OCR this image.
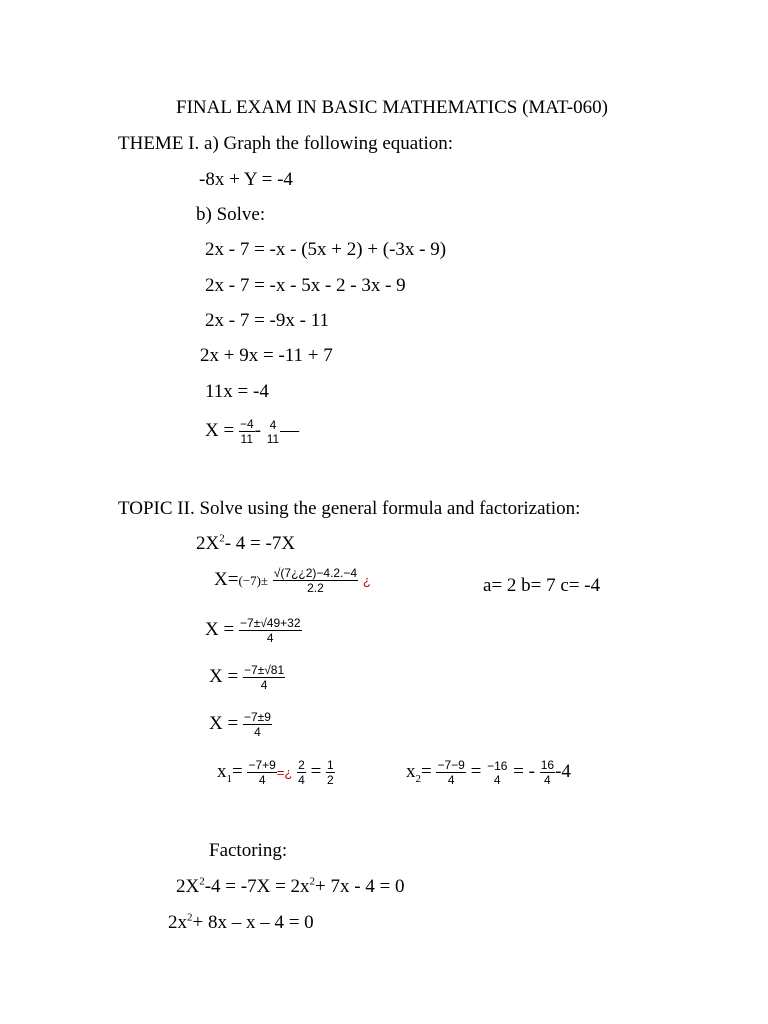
FINAL EXAM IN BASIC MATHEMATICS (MAT-060)
THEME I. a) Graph the following equation:
-8x + Y = -4
b) Solve:
2x - 7 = -x - (5x + 2) + (-3x - 9)
2x - 7 = -x - 5x - 2 - 3x - 9
2x - 7 = -9x - 11
2x + 9x = -11 + 7
11x = -4
$X = \frac{-4}{11} - 4$
11 —
TOPIC II. Solve using the general formula and factorization:
$2X^2-$ 4 = -7X
$X=(-7)\pm \frac{√(7¿¿2)-4.2.-4}{2.2}$ ¿	a= 2 b= 7 c= -4
$X = \frac{-7\pm√49+32}{4}$
$X = \frac{-7\pm√81}{4}$
$X = \frac{-7\pm 9}{4}$
$x_1= \frac{-7+9}{4}$ =¿ $\frac{2}{4} = \frac{1}{2}$	$x_2= \frac{-7-9}{4} = -16$
4 = - $\frac{16}{4} -4$
Factoring:
$2X^2-4 = -7X = 2x^2+ 7x - 4 = 0$
$2x^2+ 8x - x - 4 = 0$
